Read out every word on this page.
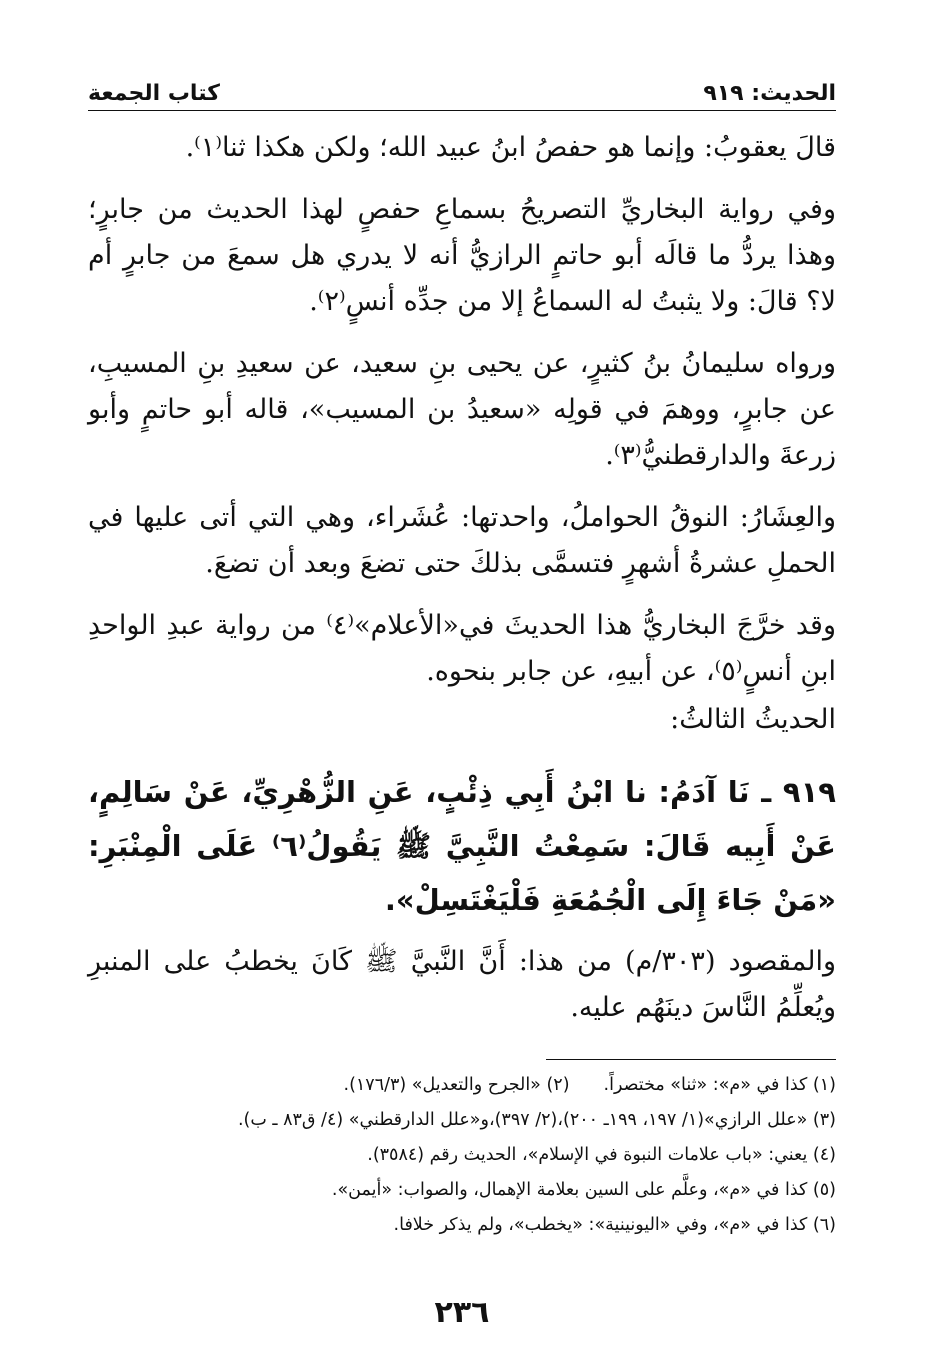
الحديث: ٩١٩
كتاب الجمعة

قالَ يعقوبُ: وإنما هو حفصُ ابنُ عبيد الله؛ ولكن هكذا ثنا⁽١⁾.

وفي رواية البخاريِّ التصريحُ بسماعِ حفصٍ لهذا الحديث من جابرٍ؛ وهذا يردُّ ما قالَه أبو حاتمٍ الرازيُّ أنه لا يدري هل سمعَ من جابرٍ أم لا؟ قالَ: ولا يثبتُ له السماعُ إلا من جدِّه أنسٍ⁽٢⁾.

ورواه سليمانُ بنُ كثيرٍ، عن يحيى بنِ سعيد، عن سعيدِ بنِ المسيبِ، عن جابرٍ، ووهمَ في قولِه «سعيدُ بن المسيب»، قاله أبو حاتمٍ وأبو زرعةَ والدارقطنيُّ⁽٣⁾.

والعِشَارُ: النوقُ الحواملُ، واحدتها: عُشَراء، وهي التي أتى عليها في الحملِ عشرةُ أشهرٍ فتسمَّى بذلكَ حتى تضعَ وبعد أن تضعَ.

وقد خرَّجَ البخاريُّ هذا الحديثَ في«الأعلام»⁽٤⁾ من رواية عبدِ الواحدِ ابنِ أنسٍ⁽٥⁾، عن أبيهِ، عن جابر بنحوه.

الحديثُ الثالثُ:

٩١٩ ـ نَا آدَمُ: نا ابْنُ أَبِي ذِئْبٍ، عَنِ الزُّهْرِيِّ، عَنْ سَالِمٍ، عَنْ أَبِيه قَالَ: سَمِعْتُ النَّبِيَّ ﷺ يَقُولُ⁽٦⁾ عَلَى الْمِنْبَرِ: «مَنْ جَاءَ إِلَى الْجُمُعَةِ فَلْيَغْتَسِلْ».

والمقصود (٣٠٣/م) من هذا: أَنَّ النَّبيَّ ﷺ كَانَ يخطبُ على المنبرِ ويُعلِّمُ النَّاسَ دينَهُم عليه.

(١) كذا في «م»: «ثنا» مختصراً.
(٢) «الجرح والتعديل» (١٧٦/٣).
(٣) «علل الرازي»(١/ ١٩٧، ١٩٩ـ ٢٠٠)،(٢/ ٣٩٧)،و«علل الدارقطني» (٤/ ق٨٣ ـ ب).
(٤) يعني: «باب علامات النبوة في الإسلام»، الحديث رقم (٣٥٨٤).
(٥) كذا في «م»، وعلَّم على السين بعلامة الإهمال، والصواب: «أيمن».
(٦) كذا في «م»، وفي «اليونينية»: «يخطب»، ولم يذكر خلافا.
٢٣٦
